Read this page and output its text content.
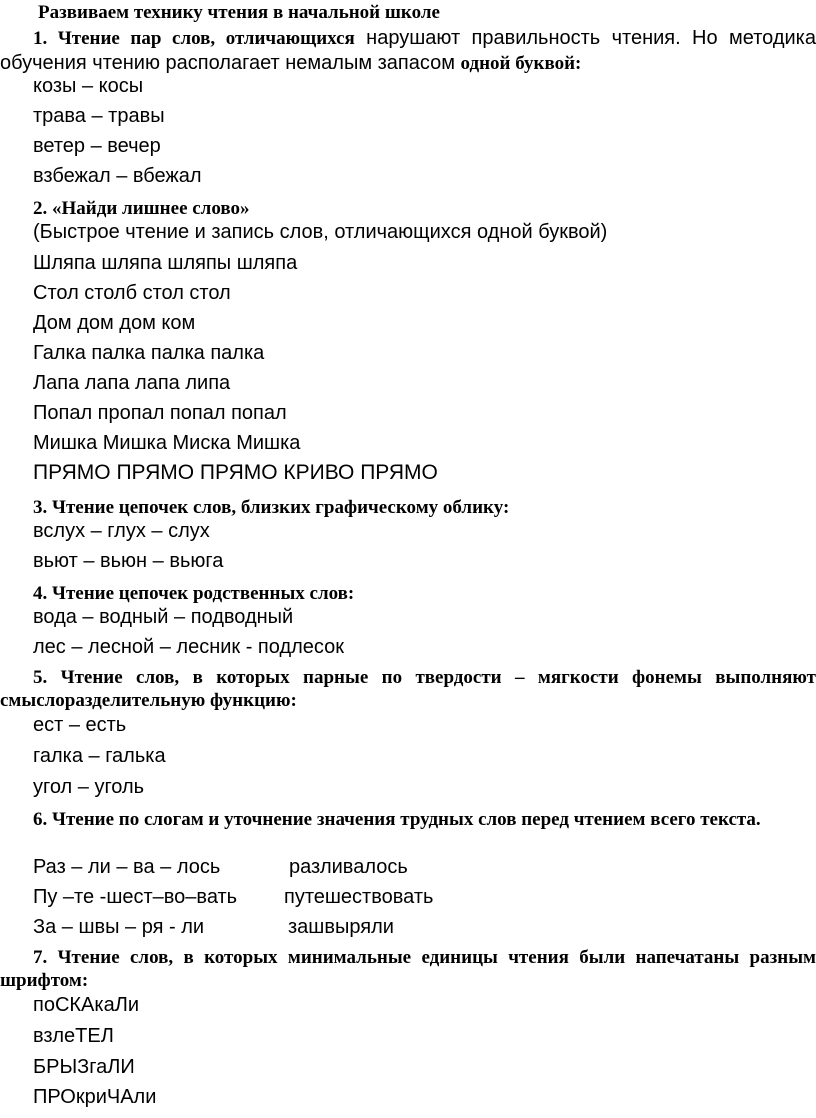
Развиваем технику чтения в начальной школе
1. Чтение пар слов, отличающихся нарушают правильность чтения. Но методика обучения чтению располагает немалым запасом одной буквой:
козы – косы
трава – травы
ветер – вечер
взбежал – вбежал
2. «Найди лишнее слово»
(Быстрое чтение и запись слов, отличающихся одной буквой)
Шляпа шляпа шляпы шляпа
Стол столб стол стол
Дом дом дом ком
Галка палка палка палка
Лапа лапа лапа липа
Попал пропал попал попал
Мишка Мишка Миска Мишка
ПРЯМО ПРЯМО ПРЯМО КРИВО ПРЯМО
3. Чтение цепочек слов, близких графическому облику:
вслух – глух – слух
вьют – вьюн – вьюга
4. Чтение цепочек родственных слов:
вода – водный – подводный
лес – лесной – лесник - подлесок
5. Чтение слов, в которых парные по твердости – мягкости фонемы выполняют смыслоразделительную функцию:
ест – есть
галка – галька
угол – уголь
6. Чтение по слогам и уточнение значения трудных слов перед чтением всего текста.
Раз – ли – ва – лось	разливалось
Пу –те -шест–во–вать путешествовать
За – швы – ря - ли	зашвыряли
7. Чтение слов, в которых минимальные единицы чтения были напечатаны разным шрифтом:
поСКАкаЛи
взлеТЕЛ
БРЫЗгаЛИ
ПРОкриЧАли
